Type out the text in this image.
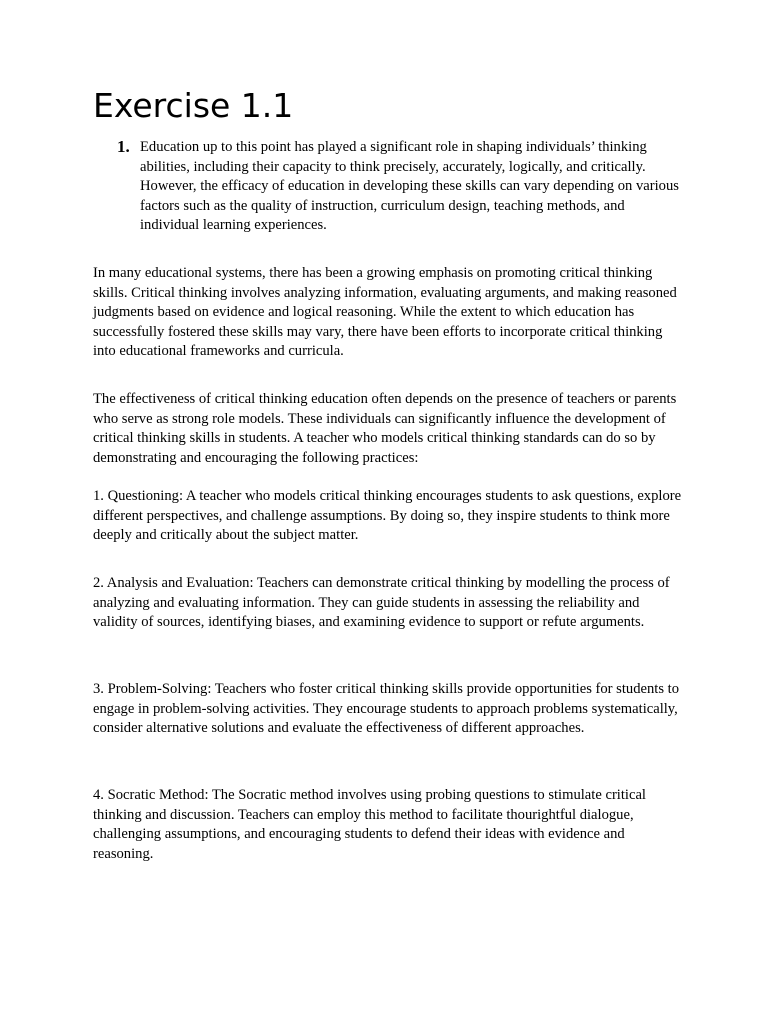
Exercise 1.1
1. Education up to this point has played a significant role in shaping individuals’ thinking abilities, including their capacity to think precisely, accurately, logically, and critically. However, the efficacy of education in developing these skills can vary depending on various factors such as the quality of instruction, curriculum design, teaching methods, and individual learning experiences.

In many educational systems, there has been a growing emphasis on promoting critical thinking skills. Critical thinking involves analyzing information, evaluating arguments, and making reasoned judgments based on evidence and logical reasoning. While the extent to which education has successfully fostered these skills may vary, there have been efforts to incorporate critical thinking into educational frameworks and curricula.

The effectiveness of critical thinking education often depends on the presence of teachers or parents who serve as strong role models. These individuals can significantly influence the development of critical thinking skills in students. A teacher who models critical thinking standards can do so by demonstrating and encouraging the following practices:

1. Questioning: A teacher who models critical thinking encourages students to ask questions, explore different perspectives, and challenge assumptions. By doing so, they inspire students to think more deeply and critically about the subject matter.

2. Analysis and Evaluation: Teachers can demonstrate critical thinking by modelling the process of analyzing and evaluating information. They can guide students in assessing the reliability and validity of sources, identifying biases, and examining evidence to support or refute arguments.

3. Problem-Solving: Teachers who foster critical thinking skills provide opportunities for students to engage in problem-solving activities. They encourage students to approach problems systematically, consider alternative solutions and evaluate the effectiveness of different approaches.

4. Socratic Method: The Socratic method involves using probing questions to stimulate critical thinking and discussion. Teachers can employ this method to facilitate thourightful dialogue, challenging assumptions, and encouraging students to defend their ideas with evidence and reasoning.
